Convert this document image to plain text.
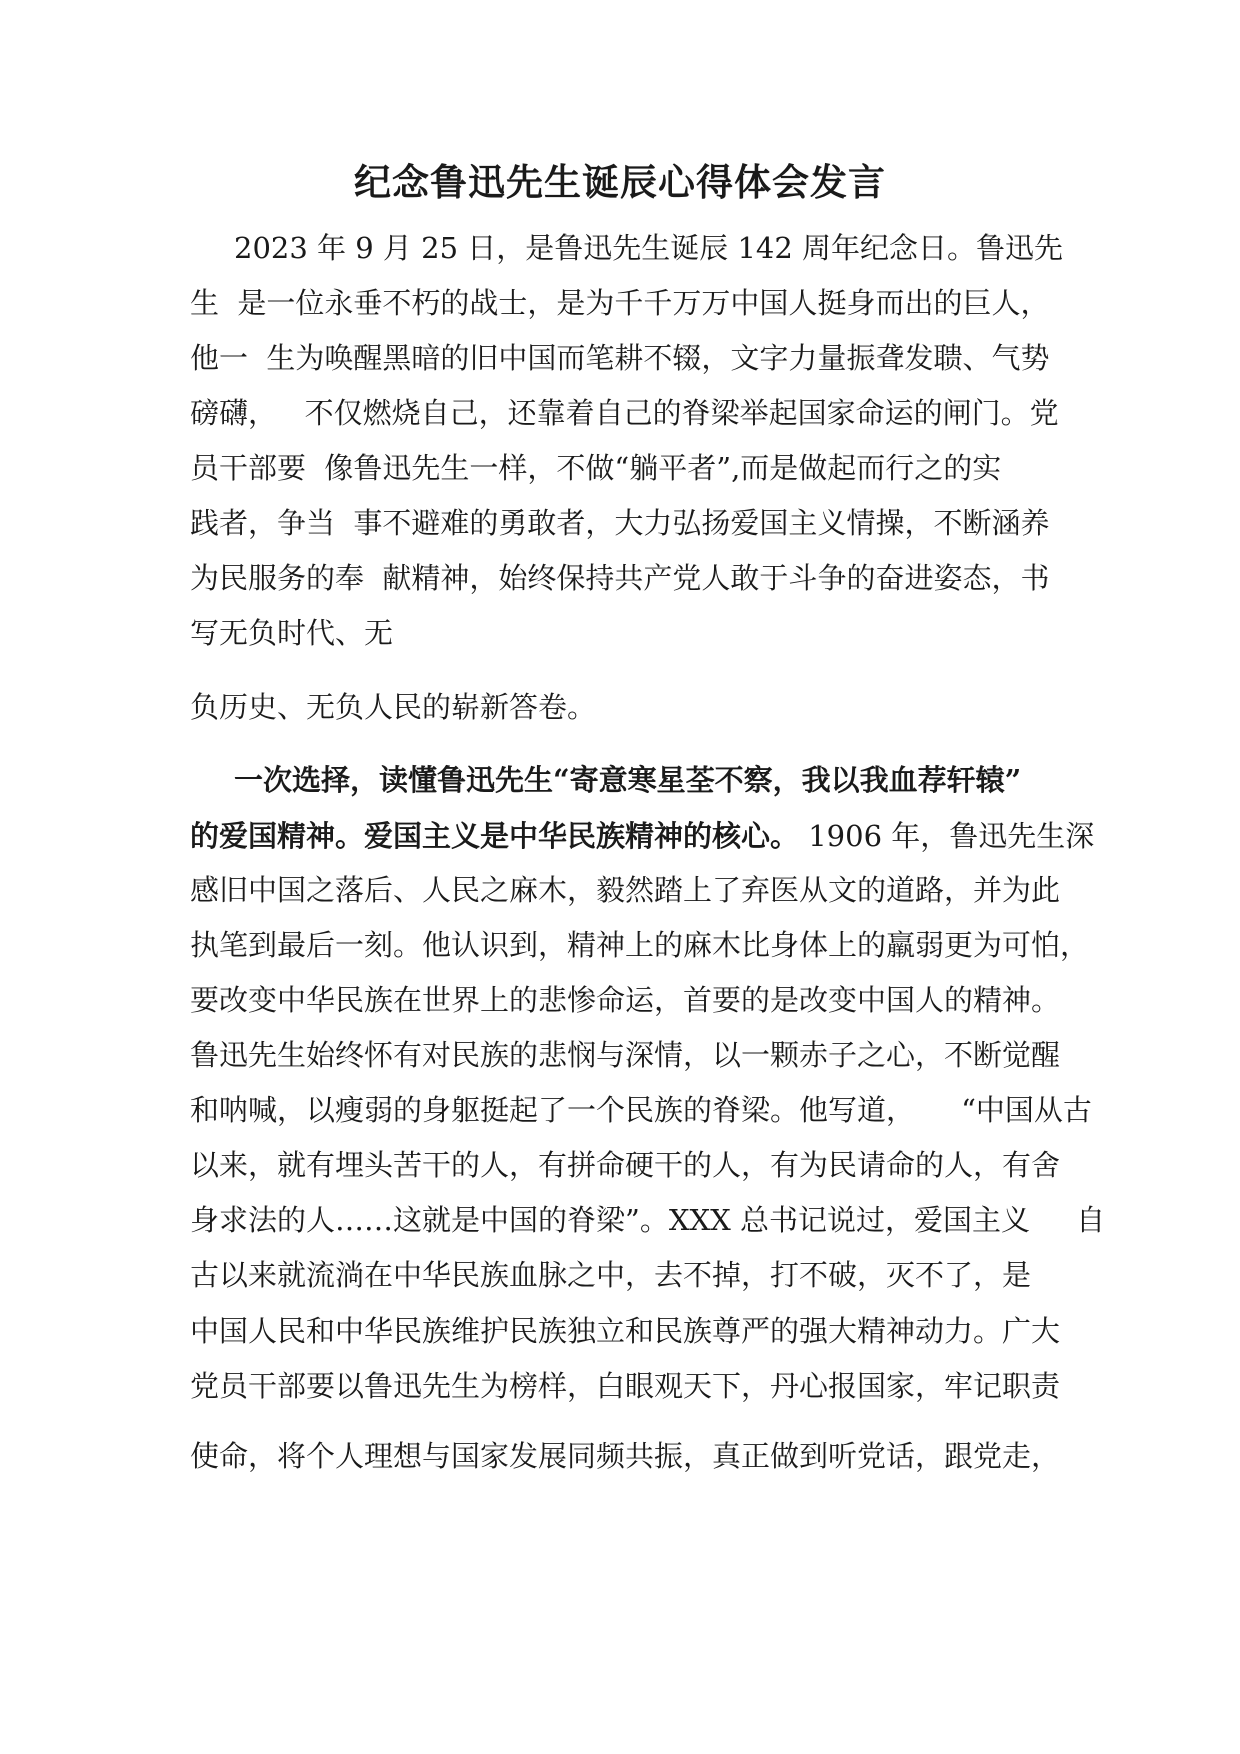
纪念鲁迅先生诞辰心得体会发言
2023 年 9 月 25 日，是鲁迅先生诞辰 142 周年纪念日。鲁迅先
生  是一位永垂不朽的战士，是为千千万万中国人挺身而出的巨人，
他一  生为唤醒黑暗的旧中国而笔耕不辍，文字力量振聋发聩、气势
磅礴，   不仅燃烧自己，还靠着自己的脊梁举起国家命运的闸门。党
员干部要  像鲁迅先生一样，不做“躺平者”,而是做起而行之的实
践者，争当  事不避难的勇敢者，大力弘扬爱国主义情操，不断涵养
为民服务的奉  献精神，始终保持共产党人敢于斗争的奋进姿态，书
写无负时代、无
负历史、无负人民的崭新答卷。
一次选择，读懂鲁迅先生“寄意寒星荃不察，我以我血荐轩辕”
的爱国精神。爱国主义是中华民族精神的核心。 1906 年，鲁迅先生深
感旧中国之落后、人民之麻木，毅然踏上了弃医从文的道路，并为此
执笔到最后一刻。他认识到，精神上的麻木比身体上的羸弱更为可怕，
要改变中华民族在世界上的悲惨命运，首要的是改变中国人的精神。
鲁迅先生始终怀有对民族的悲悯与深情，以一颗赤子之心，不断觉醒
和呐喊，以瘦弱的身躯挺起了一个民族的脊梁。他写道，     “中国从古
以来，就有埋头苦干的人，有拼命硬干的人，有为民请命的人，有舍
身求法的人……这就是中国的脊梁”。XXX 总书记说过，爱国主义     自
古以来就流淌在中华民族血脉之中，去不掉，打不破，灭不了，是
中国人民和中华民族维护民族独立和民族尊严的强大精神动力。广大
党员干部要以鲁迅先生为榜样，白眼观天下，丹心报国家，牢记职责
使命，将个人理想与国家发展同频共振，真正做到听党话，跟党走，
